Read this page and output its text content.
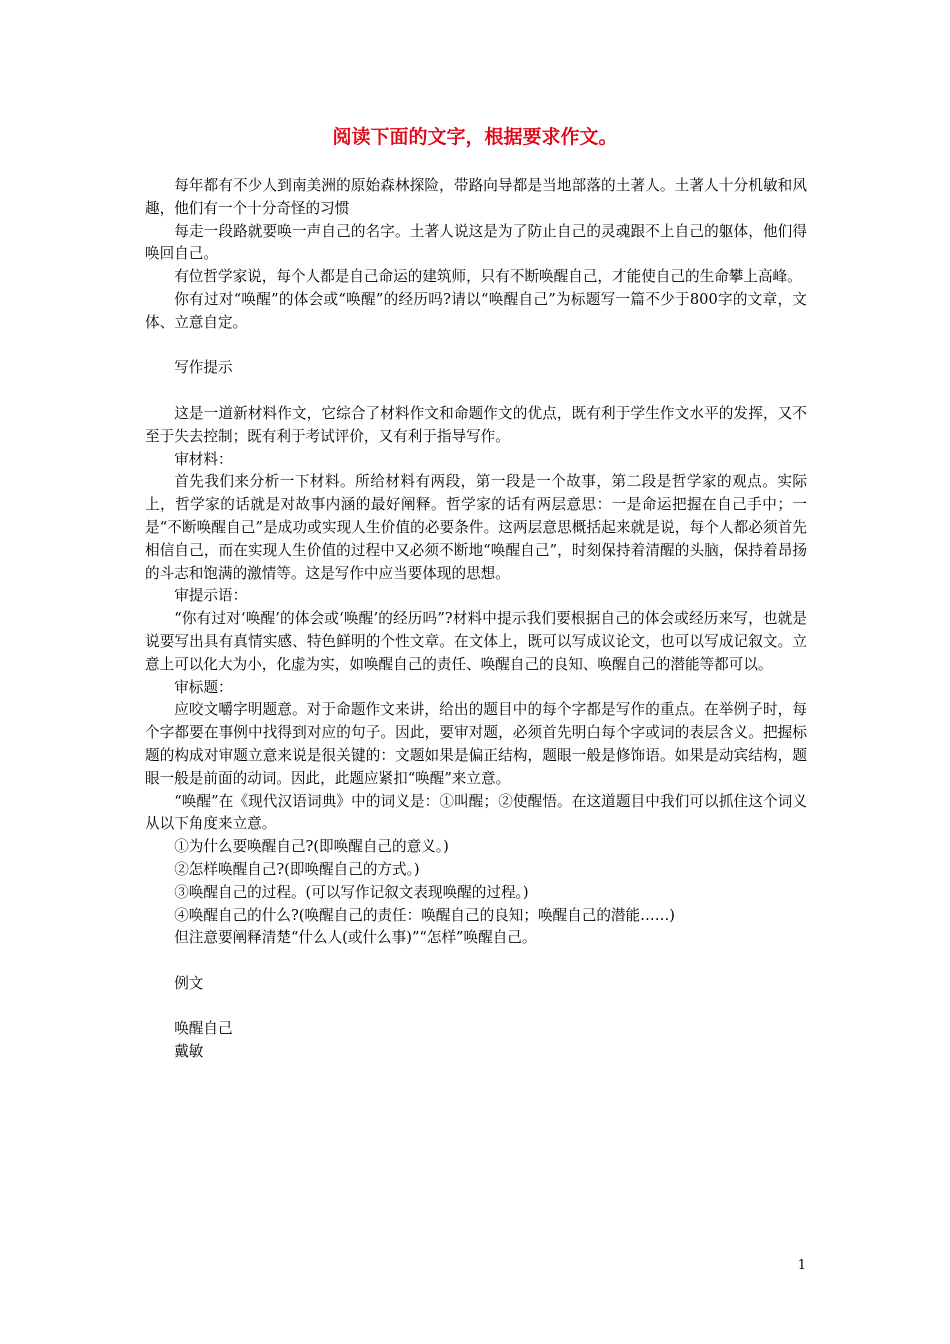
阅读下面的文字，根据要求作文。

每年都有不少人到南美洲的原始森林探险，带路向导都是当地部落的土著人。土著人十分机敏和风趣，他们有一个十分奇怪的习惯

每走一段路就要唤一声自己的名字。土著人说这是为了防止自己的灵魂跟不上自己的躯体，他们得唤回自己。

有位哲学家说，每个人都是自己命运的建筑师，只有不断唤醒自己，才能使自己的生命攀上高峰。

你有过对“唤醒”的体会或“唤醒”的经历吗?请以“唤醒自己”为标题写一篇不少于800字的文章，文体、立意自定。

写作提示

这是一道新材料作文，它综合了材料作文和命题作文的优点，既有利于学生作文水平的发挥，又不至于失去控制；既有利于考试评价，又有利于指导写作。

审材料：

首先我们来分析一下材料。所给材料有两段，第一段是一个故事，第二段是哲学家的观点。实际上，哲学家的话就是对故事内涵的最好阐释。哲学家的话有两层意思：一是命运把握在自己手中；一是“不断唤醒自己”是成功或实现人生价值的必要条件。这两层意思概括起来就是说，每个人都必须首先相信自己，而在实现人生价值的过程中又必须不断地“唤醒自己”，时刻保持着清醒的头脑，保持着昂扬的斗志和饱满的激情等。这是写作中应当要体现的思想。

审提示语：

“你有过对‘唤醒’的体会或‘唤醒’的经历吗”?材料中提示我们要根据自己的体会或经历来写，也就是说要写出具有真情实感、特色鲜明的个性文章。在文体上，既可以写成议论文，也可以写成记叙文。立意上可以化大为小，化虚为实，如唤醒自己的责任、唤醒自己的良知、唤醒自己的潜能等都可以。

审标题：

应咬文嚼字明题意。对于命题作文来讲，给出的题目中的每个字都是写作的重点。在举例子时，每个字都要在事例中找得到对应的句子。因此，要审对题，必须首先明白每个字或词的表层含义。把握标题的构成对审题立意来说是很关键的：文题如果是偏正结构，题眼一般是修饰语。如果是动宾结构，题眼一般是前面的动词。因此，此题应紧扣“唤醒”来立意。

“唤醒”在《现代汉语词典》中的词义是：①叫醒；②使醒悟。在这道题目中我们可以抓住这个词义从以下角度来立意。

①为什么要唤醒自己?(即唤醒自己的意义。)

②怎样唤醒自己?(即唤醒自己的方式。)

③唤醒自己的过程。(可以写作记叙文表现唤醒的过程。)

④唤醒自己的什么?(唤醒自己的责任：唤醒自己的良知；唤醒自己的潜能……)

但注意要阐释清楚“什么人(或什么事)”“怎样”唤醒自己。

例文

唤醒自己

戴敏

1
